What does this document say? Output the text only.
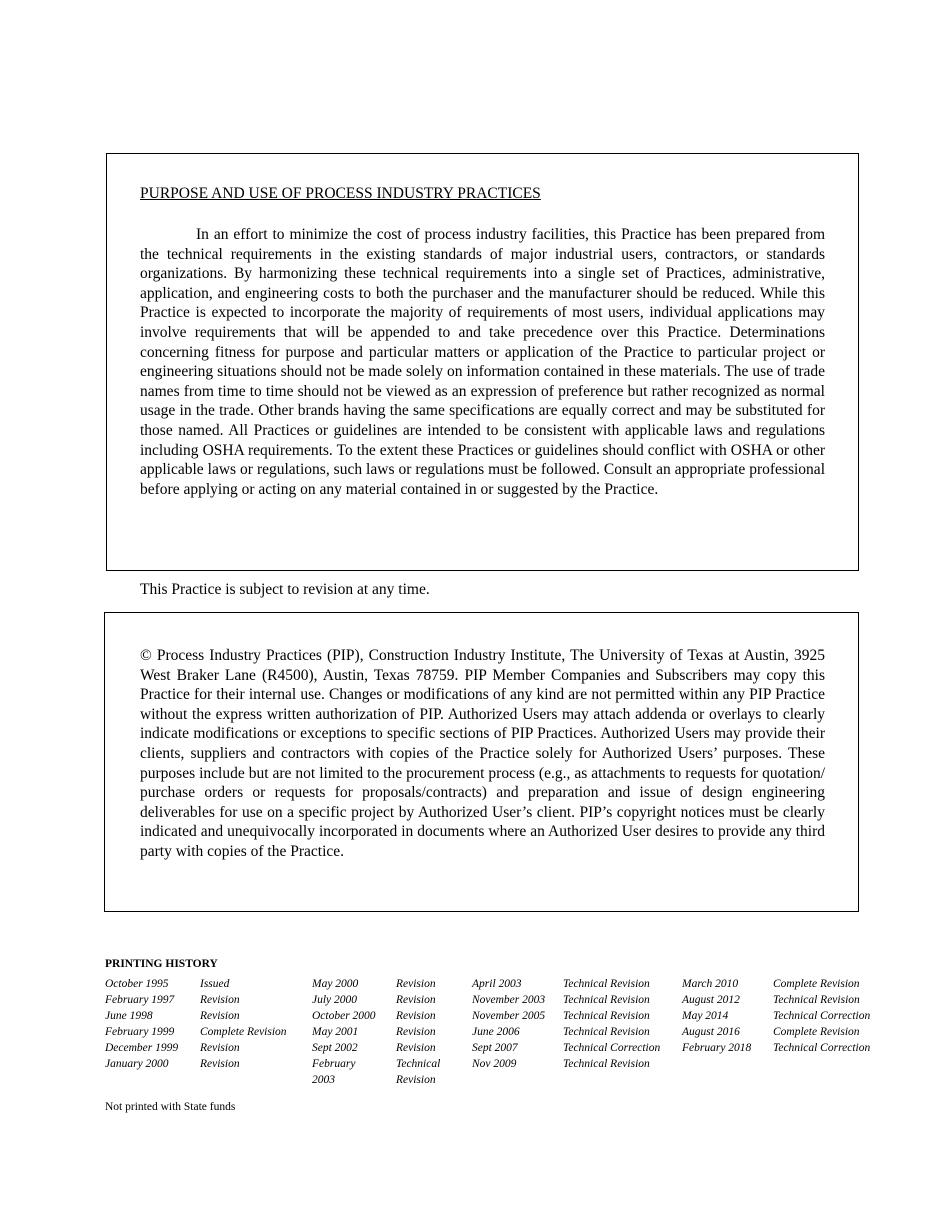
PURPOSE AND USE OF PROCESS INDUSTRY PRACTICES

In an effort to minimize the cost of process industry facilities, this Practice has been prepared from the technical requirements in the existing standards of major industrial users, contractors, or standards organizations. By harmonizing these technical requirements into a single set of Practices, administrative, application, and engineering costs to both the purchaser and the manufacturer should be reduced. While this Practice is expected to incorporate the majority of requirements of most users, individual applications may involve requirements that will be appended to and take precedence over this Practice. Determinations concerning fitness for purpose and particular matters or application of the Practice to particular project or engineering situations should not be made solely on information contained in these materials. The use of trade names from time to time should not be viewed as an expression of preference but rather recognized as normal usage in the trade. Other brands having the same specifications are equally correct and may be substituted for those named. All Practices or guidelines are intended to be consistent with applicable laws and regulations including OSHA requirements. To the extent these Practices or guidelines should conflict with OSHA or other applicable laws or regulations, such laws or regulations must be followed. Consult an appropriate professional before applying or acting on any material contained in or suggested by the Practice.

This Practice is subject to revision at any time.

© Process Industry Practices (PIP), Construction Industry Institute, The University of Texas at Austin, 3925 West Braker Lane (R4500), Austin, Texas 78759. PIP Member Companies and Subscribers may copy this Practice for their internal use. Changes or modifications of any kind are not permitted within any PIP Practice without the express written authorization of PIP. Authorized Users may attach addenda or overlays to clearly indicate modifications or exceptions to specific sections of PIP Practices. Authorized Users may provide their clients, suppliers and contractors with copies of the Practice solely for Authorized Users’ purposes. These purposes include but are not limited to the procurement process (e.g., as attachments to requests for quotation/ purchase orders or requests for proposals/contracts) and preparation and issue of design engineering deliverables for use on a specific project by Authorized User’s client. PIP’s copyright notices must be clearly indicated and unequivocally incorporated in documents where an Authorized User desires to provide any third party with copies of the Practice.

PRINTING HISTORY
October 1995
February 1997
June 1998
February 1999
December 1999
January 2000
Issued
Revision
Revision
Complete Revision
Revision
Revision
May 2000
July 2000
October 2000
May 2001
Sept 2002
February
2003
Revision
Revision
Revision
Revision
Revision
Technical
Revision
April 2003
November 2003
November 2005
June 2006
Sept 2007
Nov 2009
Technical Revision
Technical Revision
Technical Revision
Technical Revision
Technical Correction
Technical Revision
March 2010
August 2012
May 2014
August 2016
February 2018
Complete Revision
Technical Revision
Technical Correction
Complete Revision
Technical Correction
Not printed with State funds
